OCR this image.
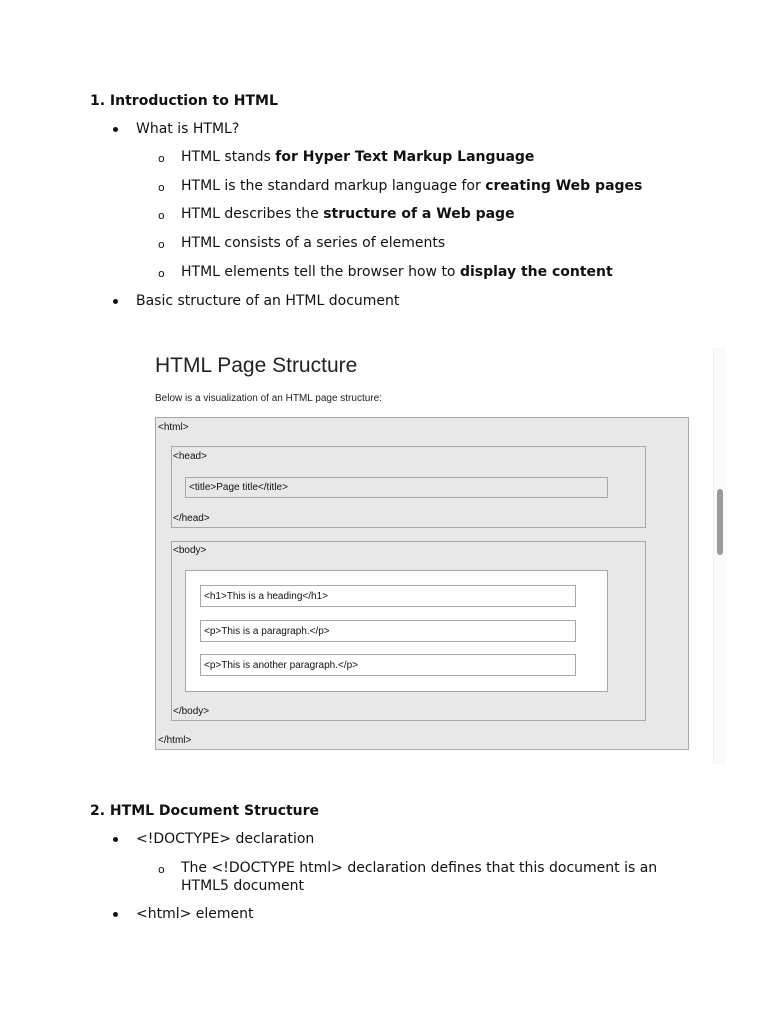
1. Introduction to HTML
What is HTML?
o HTML stands for Hyper Text Markup Language
o HTML is the standard markup language for creating Web pages
o HTML describes the structure of a Web page
o HTML consists of a series of elements
o HTML elements tell the browser how to display the content
Basic structure of an HTML document
HTML Page Structure
Below is a visualization of an HTML page structure:
<html>
</html>
<head>
<title>Page title</title>
</head>
<body>
<h1>This is a heading</h1>
<p>This is a paragraph.</p>
<p>This is another paragraph.</p>
</body>
2. HTML Document Structure
<!DOCTYPE> declaration
o The <!DOCTYPE html> declaration defines that this document is an
HTML5 document
<html> element
